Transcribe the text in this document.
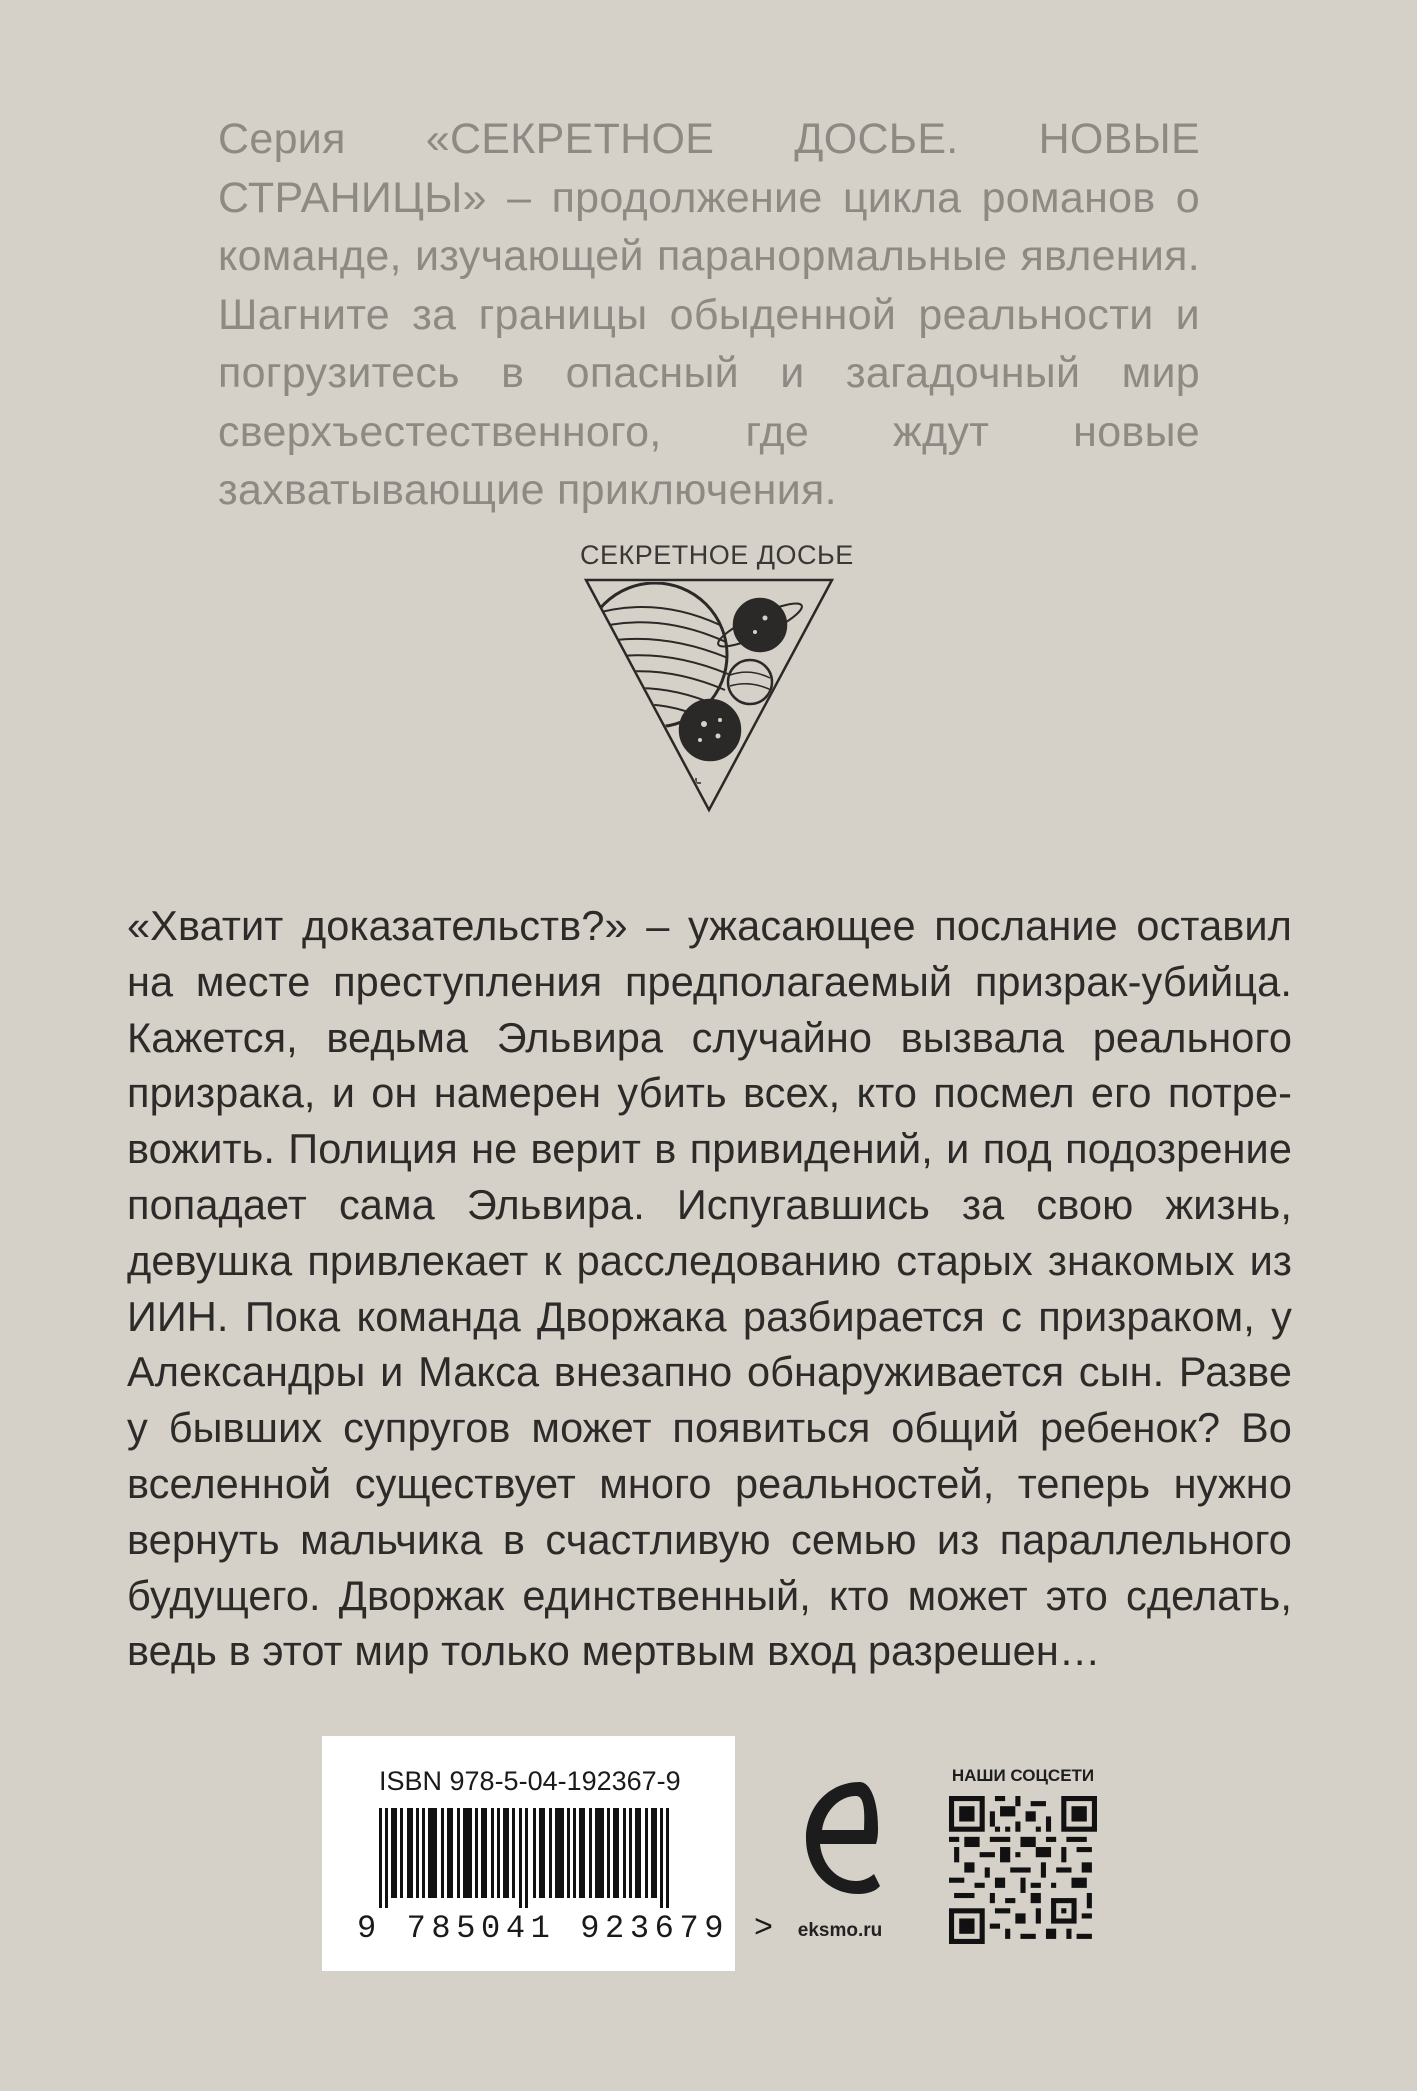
Серия «СЕКРЕТНОЕ ДОСЬЕ. НОВЫЕ СТРАНИЦЫ» – продолжение цикла романов о команде, изучающей паранормальные явления. Шагните за границы обыденной реальности и погрузитесь в опасный и загадочный мир сверхъестественного, где ждут новые захватывающие приключения.
СЕКРЕТНОЕ ДОСЬЕ
«Хватит доказательств?» – ужасающее послание оставил на месте преступления предполагаемый призрак-убийца. Кажется, ведьма Эльвира случайно вызвала реального призрака, и он намерен убить всех, кто посмел его потревожить. Полиция не верит в привидений, и под подозрение попадает сама Эльвира. Испугавшись за свою жизнь, девушка привлекает к расследованию старых знакомых из ИИН. Пока команда Дворжака разбирается с призраком, у Александры и Макса внезапно обнаруживается сын. Разве у бывших супругов может появиться общий ребенок? Во вселенной существует много реальностей, теперь нужно вернуть мальчика в счастливую семью из параллельного будущего. Дворжак единственный, кто может это сделать, ведь в этот мир только мертвым вход разрешен…
ISBN 978-5-04-192367-9
9 785041 923679 >	eksmo.ru
НАШИ СОЦСЕТИ
